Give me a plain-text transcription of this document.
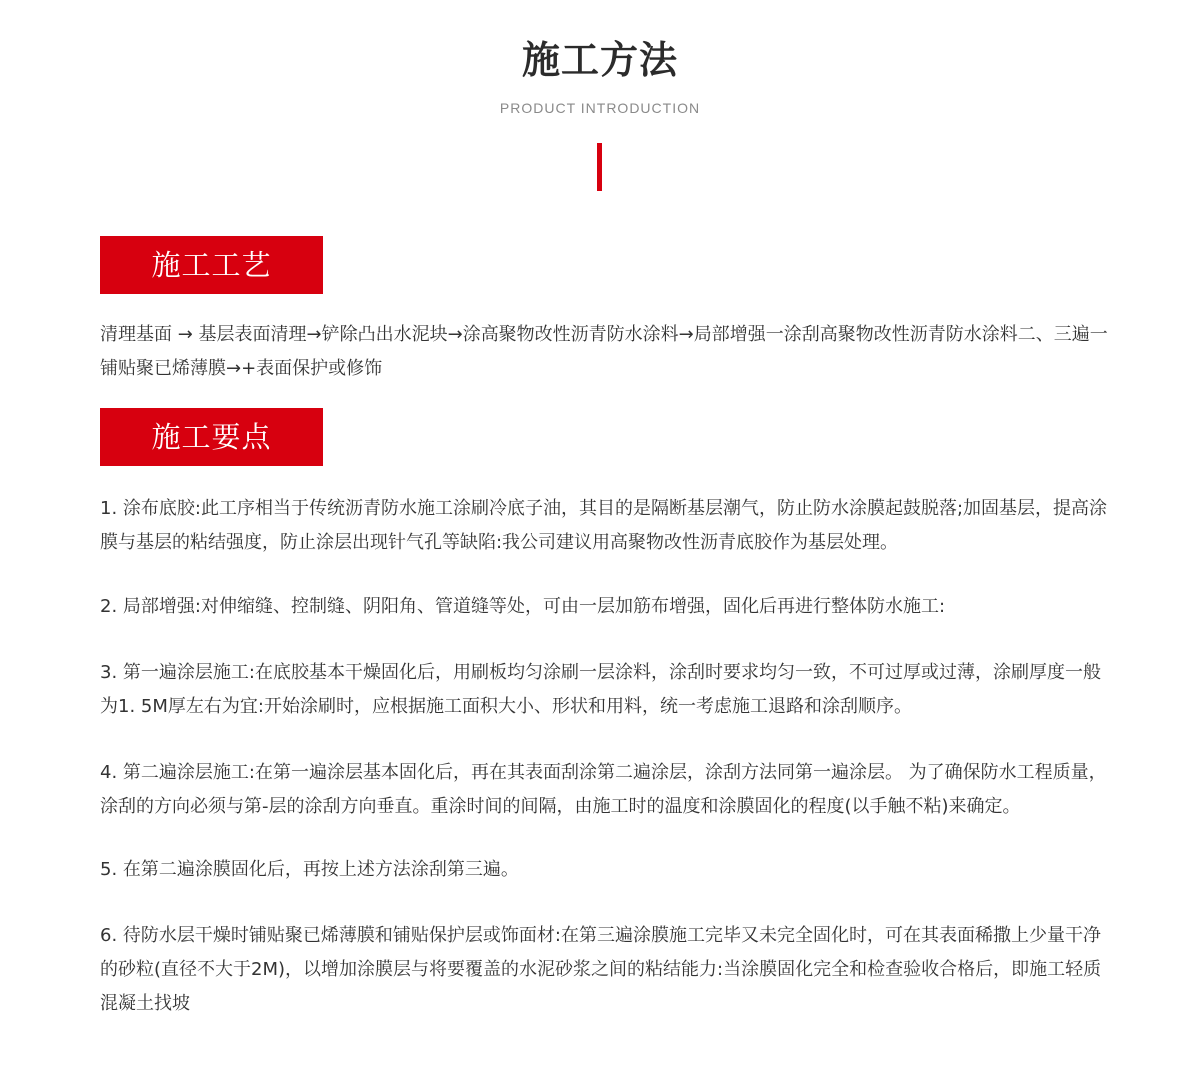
施工方法
PRODUCT INTRODUCTION
施工工艺
清理基面 → 基层表面清理→铲除凸出水泥块→涂高聚物改性沥青防水涂料→局部增强一涂刮高聚物改性沥青防水涂料二、三遍一铺贴聚已烯薄膜→+表面保护或修饰
施工要点
1. 涂布底胶:此工序相当于传统沥青防水施工涂刷冷底子油，其目的是隔断基层潮气，防止防水涂膜起鼓脱落;加固基层，提高涂膜与基层的粘结强度，防止涂层出现针气孔等缺陷:我公司建议用高聚物改性沥青底胶作为基层处理。
2. 局部增强:对伸缩缝、控制缝、阴阳角、管道缝等处，可由一层加筋布增强，固化后再进行整体防水施工:
3. 第一遍涂层施工:在底胶基本干燥固化后，用刷板均匀涂刷一层涂料，涂刮时要求均匀一致，不可过厚或过薄，涂刷厚度一般为1. 5M厚左右为宜:开始涂刷时，应根据施工面积大小、形状和用料，统一考虑施工退路和涂刮顺序。
4. 第二遍涂层施工:在第一遍涂层基本固化后，再在其表面刮涂第二遍涂层，涂刮方法同第一遍涂层。 为了确保防水工程质量，涂刮的方向必须与第-层的涂刮方向垂直。重涂时间的间隔，由施工时的温度和涂膜固化的程度(以手触不粘)来确定。
5. 在第二遍涂膜固化后，再按上述方法涂刮第三遍。
6. 待防水层干燥时铺贴聚已烯薄膜和铺贴保护层或饰面材:在第三遍涂膜施工完毕又未完全固化时，可在其表面稀撒上少量干净的砂粒(直径不大于2M)，以增加涂膜层与将要覆盖的水泥砂浆之间的粘结能力:当涂膜固化完全和检查验收合格后，即施工轻质混凝土找坡
